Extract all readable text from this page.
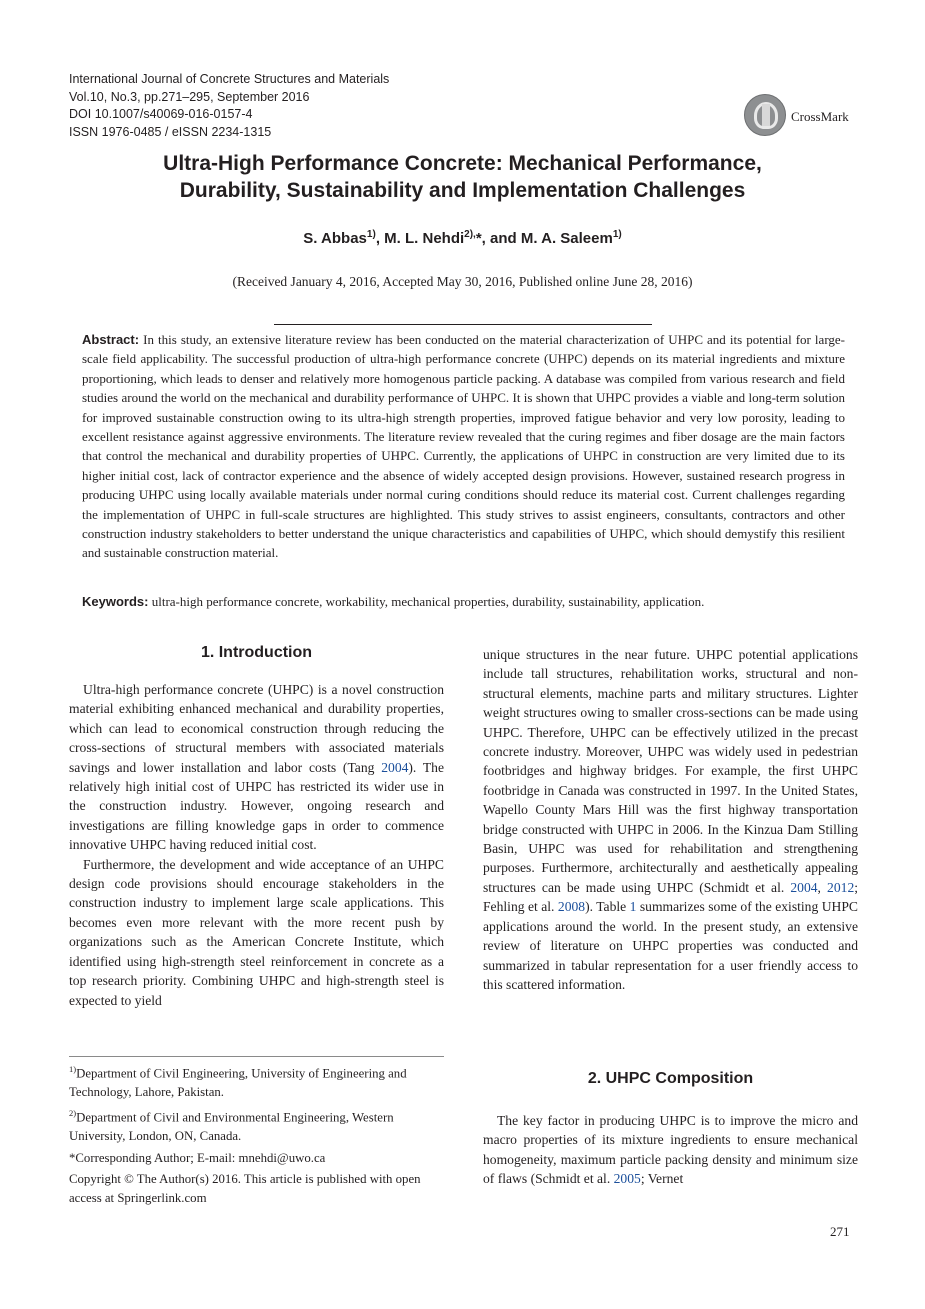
International Journal of Concrete Structures and Materials
Vol.10, No.3, pp.271–295, September 2016
DOI 10.1007/s40069-016-0157-4
ISSN 1976-0485 / eISSN 2234-1315
CrossMark
Ultra-High Performance Concrete: Mechanical Performance,
Durability, Sustainability and Implementation Challenges
S. Abbas$^{1)}$, M. L. Nehdi$^{2),}$*, and M. A. Saleem$^{1)}$
(Received January 4, 2016, Accepted May 30, 2016, Published online June 28, 2016)
Abstract: In this study, an extensive literature review has been conducted on the material characterization of UHPC and its potential for large-scale field applicability. The successful production of ultra-high performance concrete (UHPC) depends on its material ingredients and mixture proportioning, which leads to denser and relatively more homogenous particle packing. A database was compiled from various research and field studies around the world on the mechanical and durability performance of UHPC. It is shown that UHPC provides a viable and long-term solution for improved sustainable construction owing to its ultra-high strength properties, improved fatigue behavior and very low porosity, leading to excellent resistance against aggressive environments. The literature review revealed that the curing regimes and fiber dosage are the main factors that control the mechanical and durability properties of UHPC. Currently, the applications of UHPC in construction are very limited due to its higher initial cost, lack of contractor experience and the absence of widely accepted design provisions. However, sustained research progress in producing UHPC using locally available materials under normal curing conditions should reduce its material cost. Current challenges regarding the implementation of UHPC in full-scale structures are highlighted. This study strives to assist engineers, consultants, contractors and other construction industry stakeholders to better understand the unique characteristics and capabilities of UHPC, which should demystify this resilient and sustainable construction material.
Keywords: ultra-high performance concrete, workability, mechanical properties, durability, sustainability, application.
1. Introduction

Ultra-high performance concrete (UHPC) is a novel construction material exhibiting enhanced mechanical and durability properties, which can lead to economical construction through reducing the cross-sections of structural members with associated materials savings and lower installation and labor costs (Tang 2004). The relatively high initial cost of UHPC has restricted its wider use in the construction industry. However, ongoing research and investigations are filling knowledge gaps in order to commence innovative UHPC having reduced initial cost.

Furthermore, the development and wide acceptance of an UHPC design code provisions should encourage stakeholders in the construction industry to implement large scale applications. This becomes even more relevant with the more recent push by organizations such as the American Concrete Institute, which identified using high-strength steel reinforcement in concrete as a top research priority. Combining UHPC and high-strength steel is expected to yield

unique structures in the near future. UHPC potential applications include tall structures, rehabilitation works, structural and non-structural elements, machine parts and military structures. Lighter weight structures owing to smaller cross-sections can be made using UHPC. Therefore, UHPC can be effectively utilized in the precast concrete industry. Moreover, UHPC was widely used in pedestrian footbridges and highway bridges. For example, the first UHPC footbridge in Canada was constructed in 1997. In the United States, Wapello County Mars Hill was the first highway transportation bridge constructed with UHPC in 2006. In the Kinzua Dam Stilling Basin, UHPC was used for rehabilitation and strengthening purposes. Furthermore, architecturally and aesthetically appealing structures can be made using UHPC (Schmidt et al. 2004, 2012; Fehling et al. 2008). Table 1 summarizes some of the existing UHPC applications around the world. In the present study, an extensive review of literature on UHPC properties was conducted and summarized in tabular representation for a user friendly access to this scattered information.

2. UHPC Composition

The key factor in producing UHPC is to improve the micro and macro properties of its mixture ingredients to ensure mechanical homogeneity, maximum particle packing density and minimum size of flaws (Schmidt et al. 2005; Vernet

$^{1)}$Department of Civil Engineering, University of Engineering and Technology, Lahore, Pakistan.
$^{2)}$Department of Civil and Environmental Engineering, Western University, London, ON, Canada.
*Corresponding Author; E-mail: mnehdi@uwo.ca
Copyright © The Author(s) 2016. This article is published with open access at Springerlink.com
271
